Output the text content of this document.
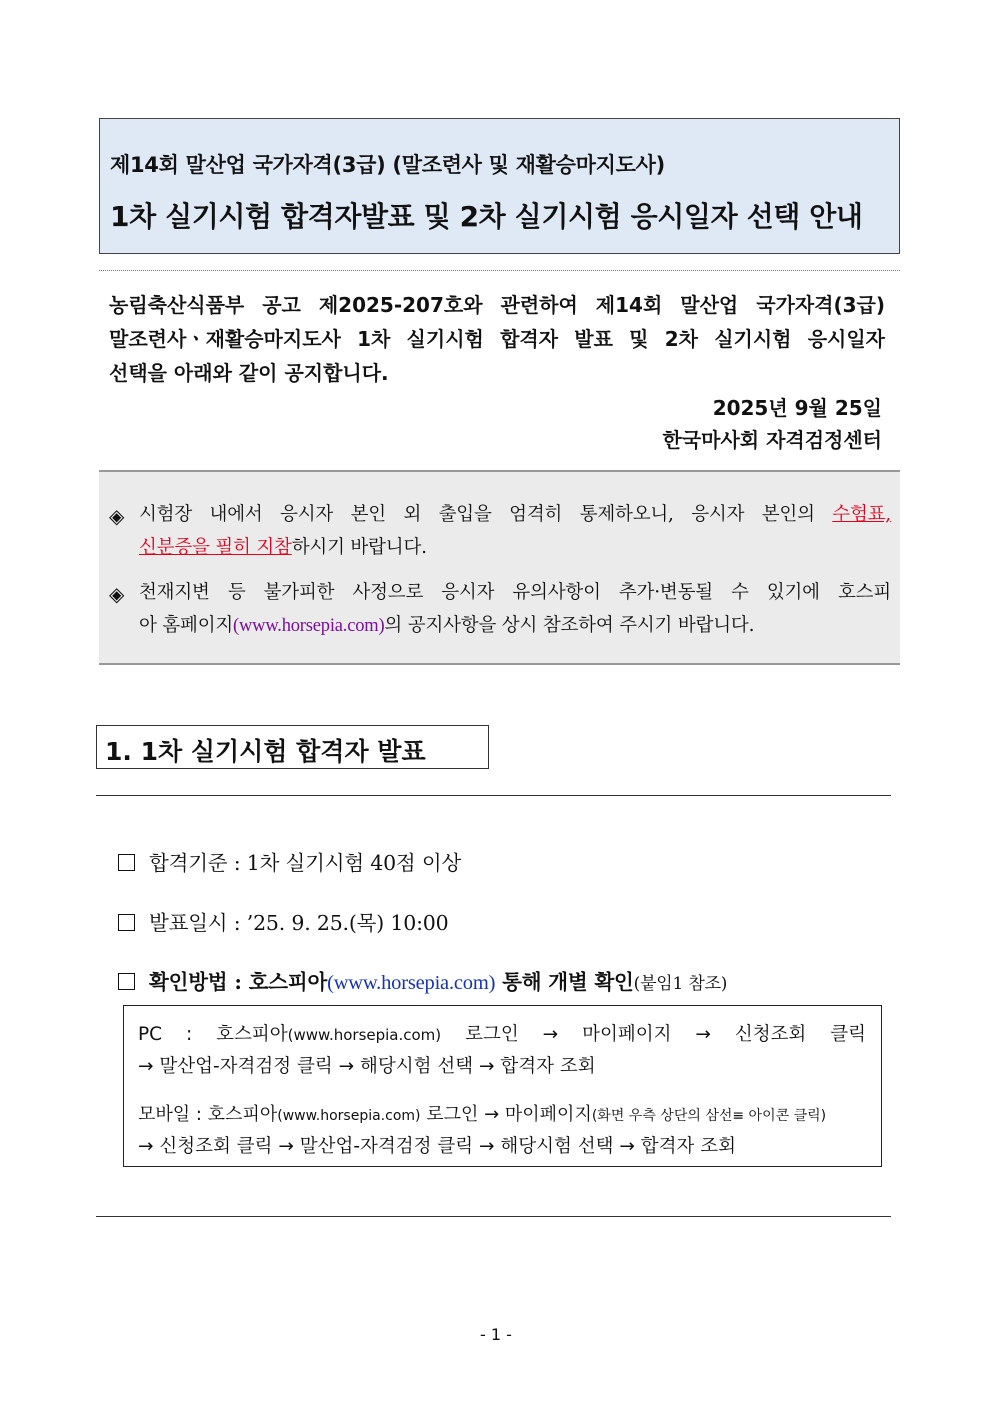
제14회 말산업 국가자격(3급) (말조련사 및 재활승마지도사)
1차 실기시험 합격자발표 및 2차 실기시험 응시일자 선택 안내
농림축산식품부 공고 제2025-207호와 관련하여 제14회 말산업 국가자격(3급)
말조련사ㆍ재활승마지도사 1차 실기시험 합격자 발표 및 2차 실기시험 응시일자
선택을 아래와 같이 공지합니다.
2025년 9월 25일
한국마사회 자격검정센터
◈ 시험장 내에서 응시자 본인 외 출입을 엄격히 통제하오니, 응시자 본인의 수험표,
신분증을 필히 지참하시기 바랍니다.
◈ 천재지변 등 불가피한 사정으로 응시자 유의사항이 추가·변동될 수 있기에 호스피
아 홈페이지(www.horsepia.com)의 공지사항을 상시 참조하여 주시기 바랍니다.
1. 1차 실기시험 합격자 발표
합격기준 : 1차 실기시험 40점 이상
발표일시 : ’25. 9. 25.(목) 10:00
확인방법 : 호스피아(www.horsepia.com) 통해 개별 확인(붙임1 참조)
PC : 호스피아(www.horsepia.com) 로그인 → 마이페이지 → 신청조회 클릭
→ 말산업-자격검정 클릭 → 해당시험 선택 → 합격자 조회
모바일 : 호스피아(www.horsepia.com) 로그인 → 마이페이지(화면 우측 상단의 삼선≡ 아이콘 클릭)
→ 신청조회 클릭 → 말산업-자격검정 클릭 → 해당시험 선택 → 합격자 조회
- 1 -
